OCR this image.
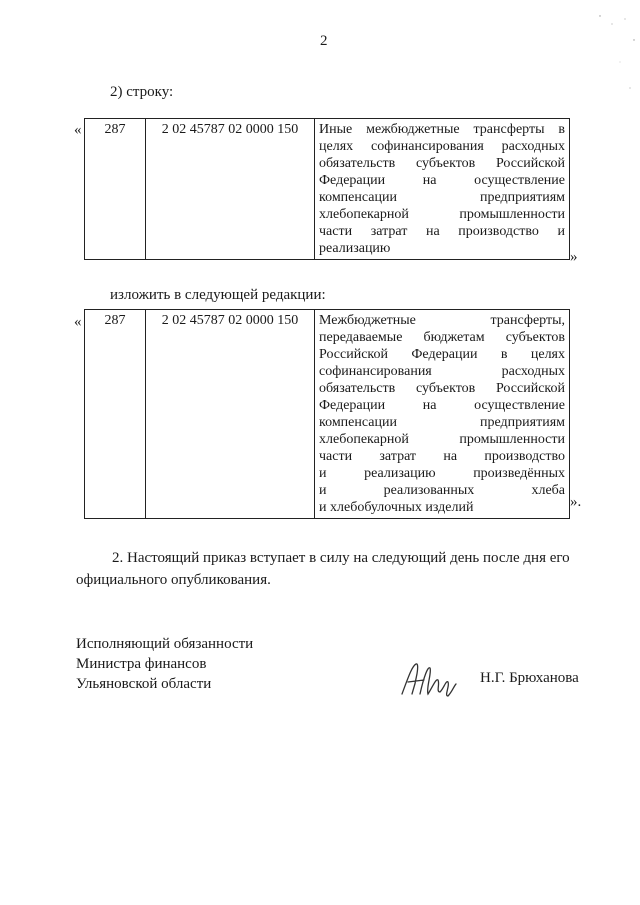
2
2) строку:
« 287	2 02 45787 02 0000 150	Иные межбюджетные трансферты в
целях софинансирования расходных
обязательств субъектов Российской
Федерации на осуществление
компенсации предприятиям
хлебопекарной промышленности
части затрат на производство и
реализацию
»
изложить в следующей редакции:
« 287	2 02 45787 02 0000 150	Межбюджетные трансферты,
передаваемые бюджетам субъектов
Российской Федерации в целях
софинансирования расходных
обязательств субъектов Российской
Федерации на осуществление
компенсации предприятиям
хлебопекарной промышленности
части затрат на производство
и реализацию произведённых
и реализованных хлеба
и хлебобулочных изделий	».
2. Настоящий приказ вступает в силу на следующий день после дня его официального опубликования.
Исполняющий обязанности
Министра финансов
Ульяновской области	Н.Г. Брюханова
